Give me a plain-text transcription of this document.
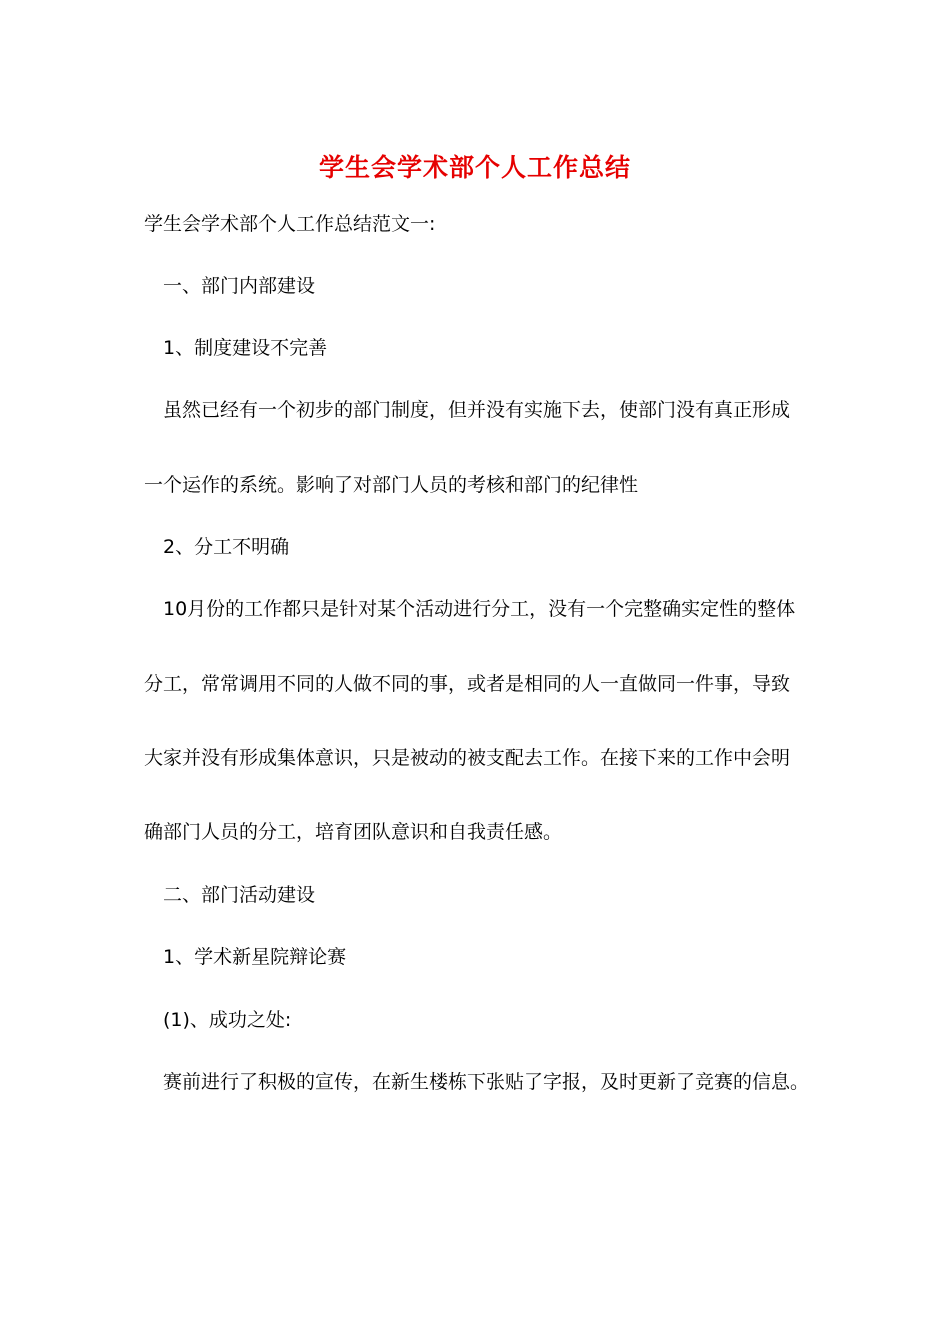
学生会学术部个人工作总结
学生会学术部个人工作总结范文一:
一、部门内部建设
1、制度建设不完善
虽然已经有一个初步的部门制度，但并没有实施下去，使部门没有真正形成
一个运作的系统。影响了对部门人员的考核和部门的纪律性
2、分工不明确
10月份的工作都只是针对某个活动进行分工，没有一个完整确实定性的整体
分工，常常调用不同的人做不同的事，或者是相同的人一直做同一件事，导致
大家并没有形成集体意识，只是被动的被支配去工作。在接下来的工作中会明
确部门人员的分工，培育团队意识和自我责任感。
二、部门活动建设
1、学术新星院辩论赛
(1)、成功之处:
赛前进行了积极的宣传，在新生楼栋下张贴了字报，及时更新了竞赛的信息。
